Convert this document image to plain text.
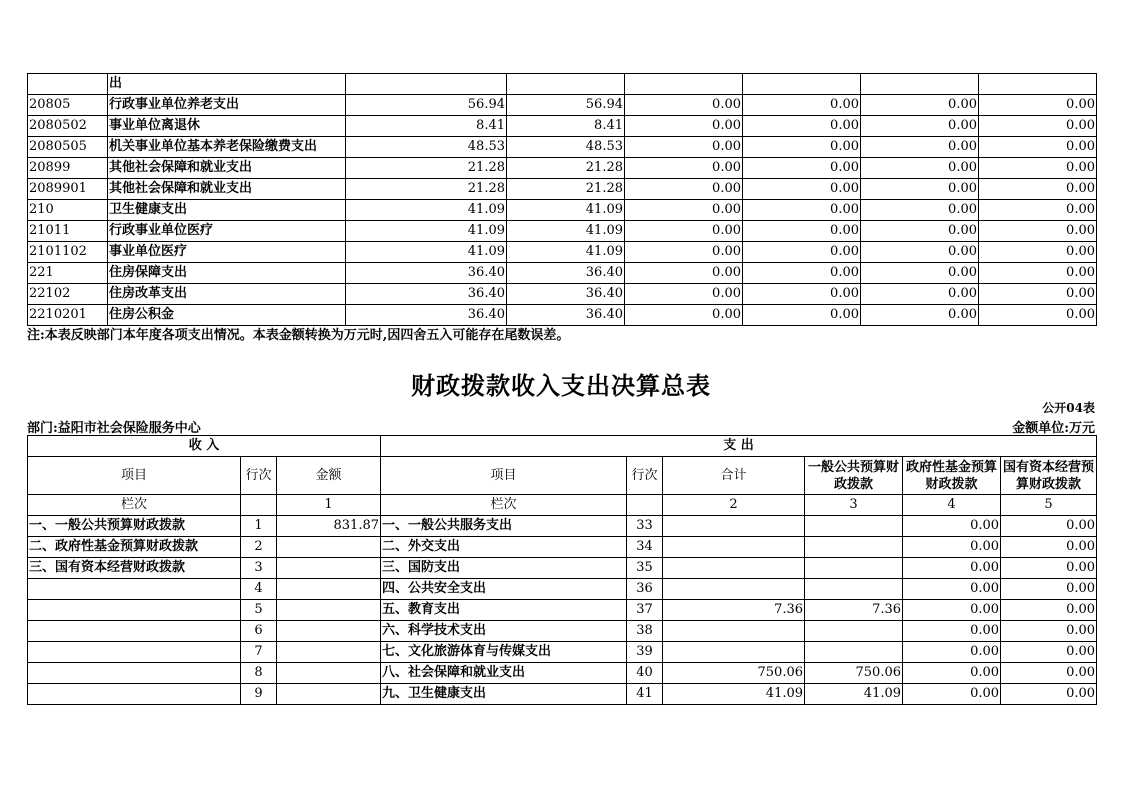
	出						
20805	行政事业单位养老支出	56.94	56.94	0.00	0.00	0.00	0.00
2080502	事业单位离退休	8.41	8.41	0.00	0.00	0.00	0.00
2080505	机关事业单位基本养老保险缴费支出	48.53	48.53	0.00	0.00	0.00	0.00
20899	其他社会保障和就业支出	21.28	21.28	0.00	0.00	0.00	0.00
2089901	其他社会保障和就业支出	21.28	21.28	0.00	0.00	0.00	0.00
210	卫生健康支出	41.09	41.09	0.00	0.00	0.00	0.00
21011	行政事业单位医疗	41.09	41.09	0.00	0.00	0.00	0.00
2101102	事业单位医疗	41.09	41.09	0.00	0.00	0.00	0.00
221	住房保障支出	36.40	36.40	0.00	0.00	0.00	0.00
22102	住房改革支出	36.40	36.40	0.00	0.00	0.00	0.00
2210201	住房公积金	36.40	36.40	0.00	0.00	0.00	0.00
注:本表反映部门本年度各项支出情况。本表金额转换为万元时,因四舍五入可能存在尾数误差。
财政拨款收入支出决算总表
公开04表
部门:益阳市社会保险服务中心	金额单位:万元
收 入			支 出					
项目	行次	金额	项目	行次	合计	一般公共预算财政拨款	政府性基金预算财政拨款	国有资本经营预算财政拨款
栏次		1	栏次		2	3	4	5
一、一般公共预算财政拨款	1	831.87	一、一般公共服务支出	33			0.00	0.00
二、政府性基金预算财政拨款	2		二、外交支出	34			0.00	0.00
三、国有资本经营财政拨款	3		三、国防支出	35			0.00	0.00
	4		四、公共安全支出	36			0.00	0.00
	5		五、教育支出	37	7.36	7.36	0.00	0.00
	6		六、科学技术支出	38			0.00	0.00
	7		七、文化旅游体育与传媒支出	39			0.00	0.00
	8		八、社会保障和就业支出	40	750.06	750.06	0.00	0.00
	9		九、卫生健康支出	41	41.09	41.09	0.00	0.00
